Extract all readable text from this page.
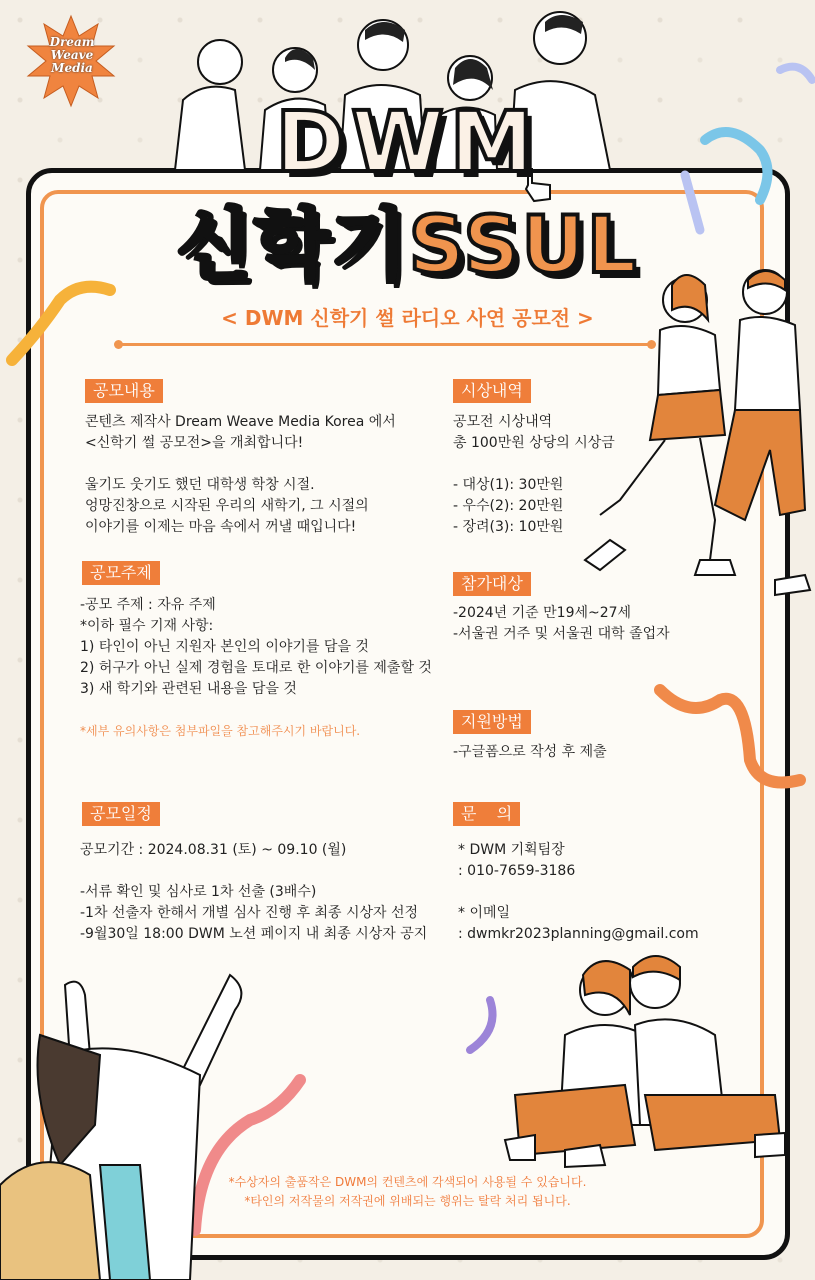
Dream
Weave
Media
DWM
신학기SSUL
< DWM 신학기 썰 라디오 사연 공모전 >
공모내용
콘텐츠 제작사 Dream Weave Media Korea 에서
<신학기 썰 공모전>을 개최합니다!

울기도 웃기도 했던 대학생 학창 시절.
엉망진창으로 시작된 우리의 새학기, 그 시절의
이야기를 이제는 마음 속에서 꺼낼 때입니다!
시상내역
공모전 시상내역
총 100만원 상당의 시상금

- 대상(1): 30만원
- 우수(2): 20만원
- 장려(3): 10만원
공모주제
-공모 주제 : 자유 주제
*이하 필수 기재 사항:
1) 타인이 아닌 지원자 본인의 이야기를 담을 것
2) 허구가 아닌 실제 경험을 토대로 한 이야기를 제출할 것
3) 새 학기와 관련된 내용을 담을 것
*세부 유의사항은 첨부파일을 참고해주시기 바랍니다.
참가대상
-2024년 기준 만19세~27세
-서울권 거주 및 서울권 대학 졸업자
지원방법
-구글폼으로 작성 후 제출
공모일정
공모기간 : 2024.08.31 (토) ~ 09.10 (월)

-서류 확인 및 심사로 1차 선출 (3배수)
-1차 선출자 한해서 개별 심사 진행 후 최종 시상자 선정
-9월30일 18:00 DWM 노션 페이지 내 최종 시상자 공지
문    의
* DWM 기획팀장
: 010-7659-3186

* 이메일
: dwmkr2023planning@gmail.com
*수상자의 출품작은 DWM의 컨텐츠에 각색되어 사용될 수 있습니다.
*타인의 저작물의 저작권에 위배되는 행위는 탈락 처리 됩니다.
